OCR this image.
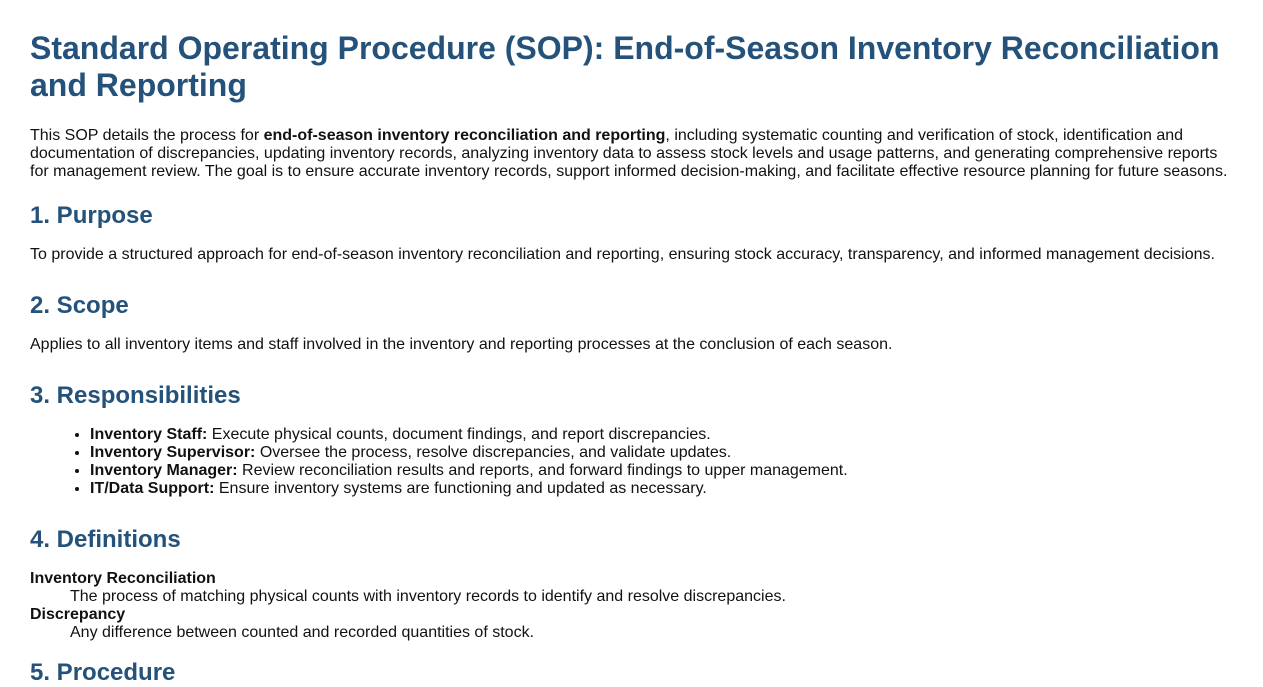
Standard Operating Procedure (SOP): End-of-Season Inventory Reconciliation and Reporting

This SOP details the process for end-of-season inventory reconciliation and reporting, including systematic counting and verification of stock, identification and documentation of discrepancies, updating inventory records, analyzing inventory data to assess stock levels and usage patterns, and generating comprehensive reports for management review. The goal is to ensure accurate inventory records, support informed decision-making, and facilitate effective resource planning for future seasons.

1. Purpose

To provide a structured approach for end-of-season inventory reconciliation and reporting, ensuring stock accuracy, transparency, and informed management decisions.

2. Scope

Applies to all inventory items and staff involved in the inventory and reporting processes at the conclusion of each season.

3. Responsibilities
• Inventory Staff: Execute physical counts, document findings, and report discrepancies.
• Inventory Supervisor: Oversee the process, resolve discrepancies, and validate updates.
• Inventory Manager: Review reconciliation results and reports, and forward findings to upper management.
• IT/Data Support: Ensure inventory systems are functioning and updated as necessary.
4. Definitions
Inventory Reconciliation
The process of matching physical counts with inventory records to identify and resolve discrepancies.
Discrepancy
Any difference between counted and recorded quantities of stock.
5. Procedure
